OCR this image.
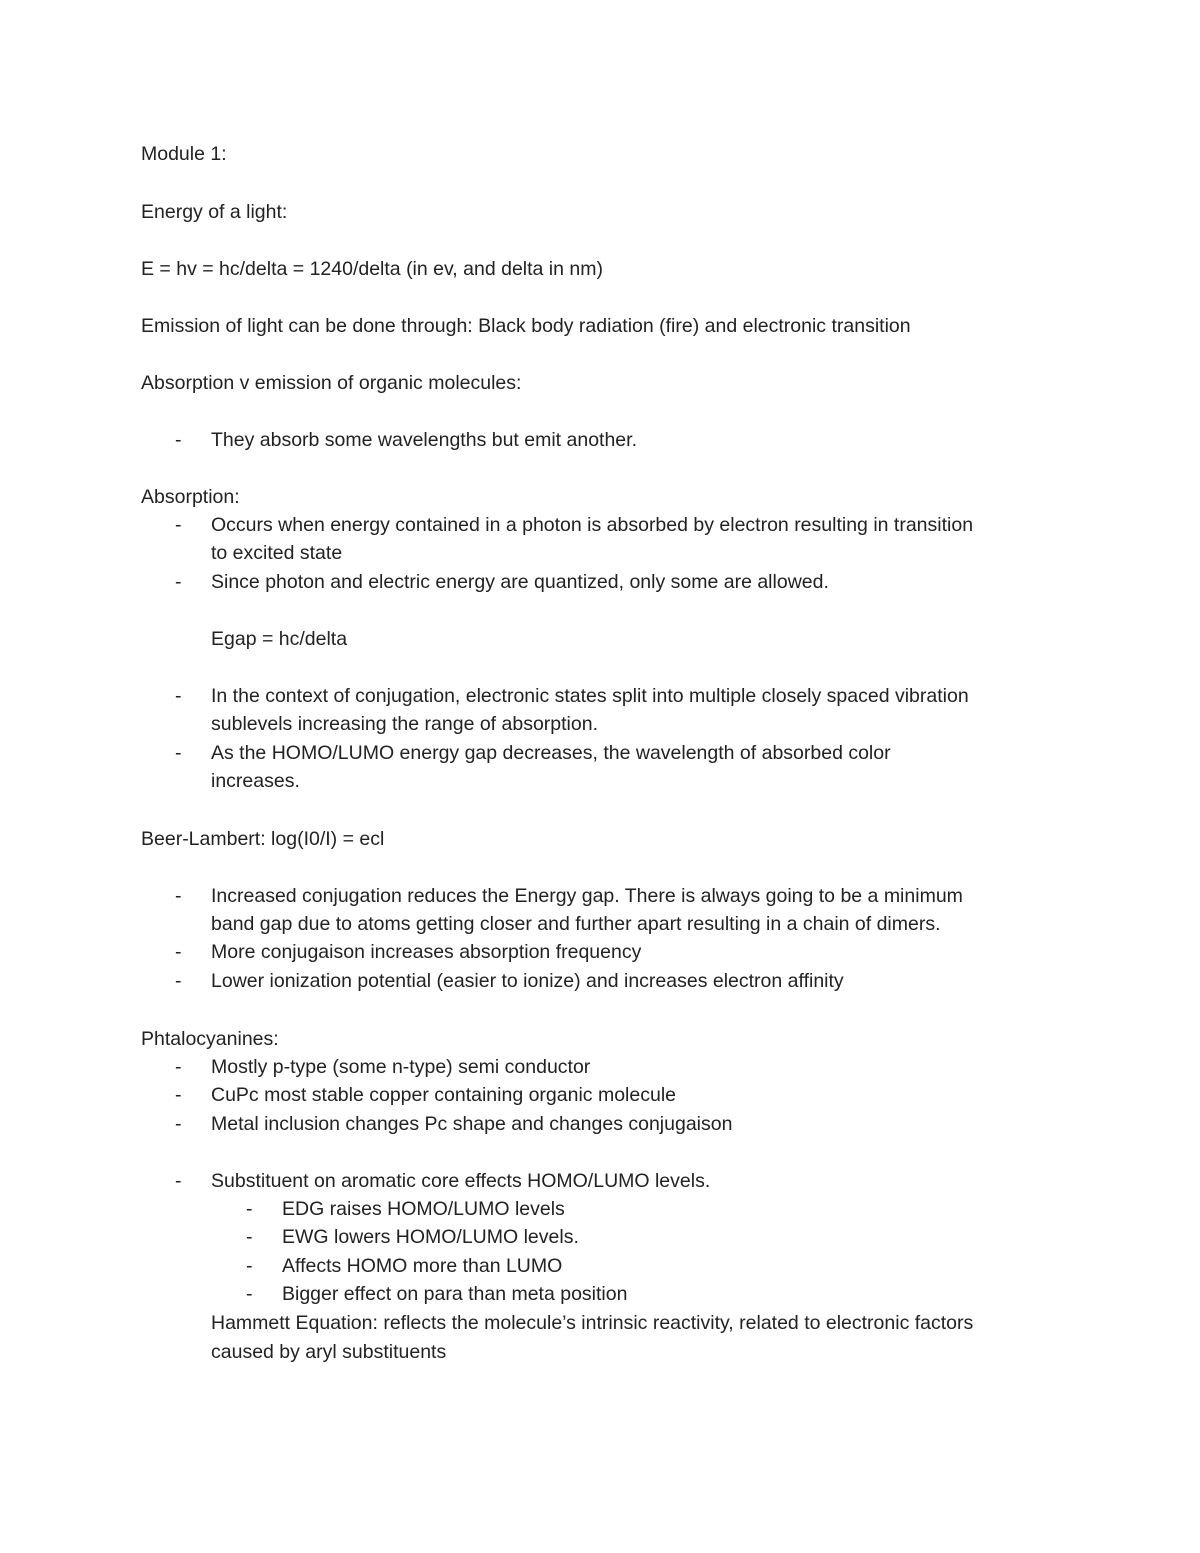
Module 1:
Energy of a light:
E = hv = hc/delta = 1240/delta (in ev, and delta in nm)
Emission of light can be done through: Black body radiation (fire) and electronic transition
Absorption v emission of organic molecules:
- They absorb some wavelengths but emit another.
Absorption:
- Occurs when energy contained in a photon is absorbed by electron resulting in transition
to excited state
- Since photon and electric energy are quantized, only some are allowed.
Egap = hc/delta
- In the context of conjugation, electronic states split into multiple closely spaced vibration
sublevels increasing the range of absorption.
- As the HOMO/LUMO energy gap decreases, the wavelength of absorbed color
increases.
Beer-Lambert: log(I0/I) = ecl
- Increased conjugation reduces the Energy gap. There is always going to be a minimum
band gap due to atoms getting closer and further apart resulting in a chain of dimers.
- More conjugaison increases absorption frequency
- Lower ionization potential (easier to ionize) and increases electron affinity
Phtalocyanines:
- Mostly p-type (some n-type) semi conductor
- CuPc most stable copper containing organic molecule
- Metal inclusion changes Pc shape and changes conjugaison
- Substituent on aromatic core effects HOMO/LUMO levels.
- EDG raises HOMO/LUMO levels
- EWG lowers HOMO/LUMO levels.
- Affects HOMO more than LUMO
- Bigger effect on para than meta position
Hammett Equation: reflects the molecule’s intrinsic reactivity, related to electronic factors
caused by aryl substituents
